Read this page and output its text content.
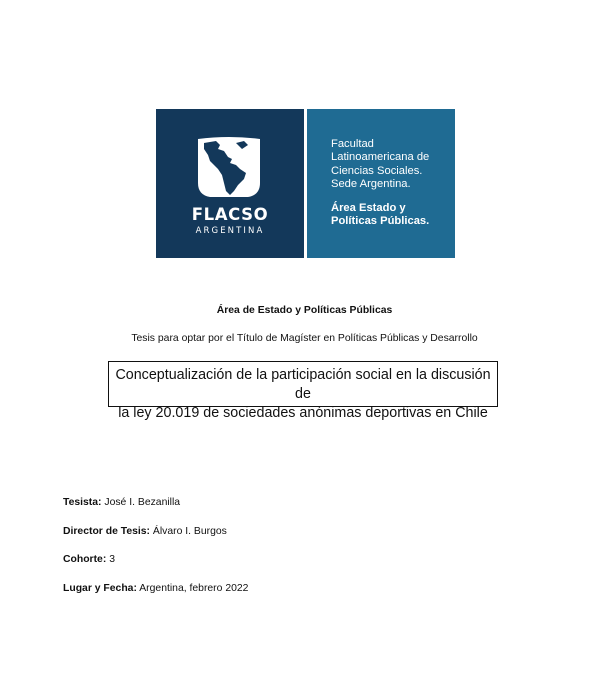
FLACSO
ARGENTINA
Facultad
Latinoamericana de
Ciencias Sociales.
Sede Argentina.
Área Estado y
Políticas Públicas.
Área de Estado y Políticas Públicas
Tesis para optar por el Título de Magíster en Políticas Públicas y Desarrollo
Conceptualización de la participación social en la discusión de
la ley 20.019 de sociedades anónimas deportivas en Chile
Tesista: José I. Bezanilla
Director de Tesis: Álvaro I. Burgos
Cohorte: 3
Lugar y Fecha: Argentina, febrero 2022
